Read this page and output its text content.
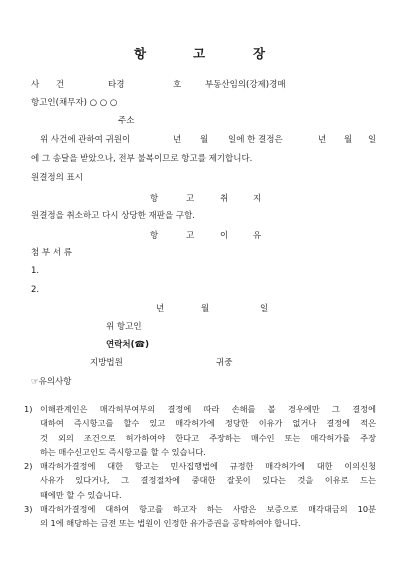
항	고	장
사 건	타경	호	부동산임의(강제)경매
항고인(채무자) ○ ○ ○
주소
위 사건에 관하여 귀원이	년 월 일에 한 결정은	년 월 일
에 그 송달을 받았으나, 전부 불복이므로 항고를 제기합니다.
원결정의 표시
항	고	취	지
원결정을 취소하고 다시 상당한 재판을 구함.
항	고	이	유
첨 부 서 류
1.
2.
년	월	일
위 항고인
연락처(☎)
지방법원	귀중
☞유의사항
1) 이해관계인은 매각허부여부의 결정에 따라 손해를 볼 경우에만 그 결정에
대하여 즉시항고를 할수 있고 매각허가에 정당한 이유가 없거나 결정에 적은
것 외의 조건으로 허가하여야 한다고 주장하는 매수인 또는 매각허가를 주장
하는 매수신고인도 즉시항고를 할 수 있습니다.
2) 매각허가결정에 대한 항고는 민사집행법에 규정한 매각허가에 대한 이의신청
사유가 있다거나, 그 결정절차에 중대한 잘못이 있다는 것을 이유로 드는
때에만 할 수 있습니다.
3) 매각허가결정에 대하여 항고를 하고자 하는 사람은 보증으로 매각대금의 10분
의 1에 해당하는 금전 또는 법원이 인정한 유가증권을 공탁하여야 합니다.
